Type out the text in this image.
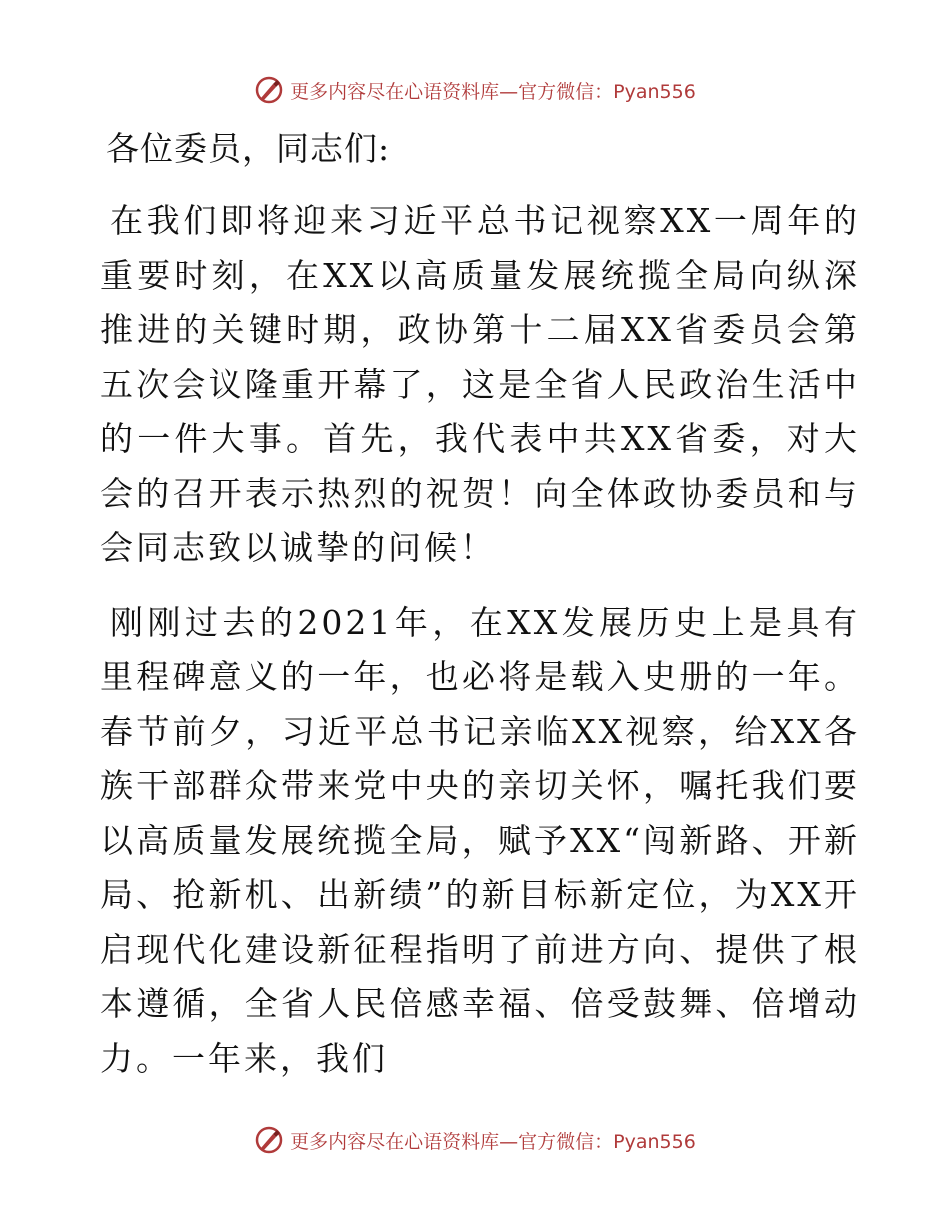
更多内容尽在心语资料库—官方微信：Pyan556
各位委员，同志们:

在我们即将迎来习近平总书记视察XX一周年的重要时刻，在XX以高质量发展统揽全局向纵深推进的关键时期，政协第十二届XX省委员会第五次会议隆重开幕了，这是全省人民政治生活中的一件大事。首先，我代表中共XX省委，对大会的召开表示热烈的祝贺！向全体政协委员和与会同志致以诚挚的问候！

刚刚过去的2021年，在XX发展历史上是具有里程碑意义的一年，也必将是载入史册的一年。春节前夕，习近平总书记亲临XX视察，给XX各族干部群众带来党中央的亲切关怀，嘱托我们要以高质量发展统揽全局，赋予XX“闯新路、开新局、抢新机、出新绩”的新目标新定位，为XX开启现代化建设新征程指明了前进方向、提供了根本遵循，全省人民倍感幸福、倍受鼓舞、倍增动力。一年来，我们

更多内容尽在心语资料库—官方微信：Pyan556
